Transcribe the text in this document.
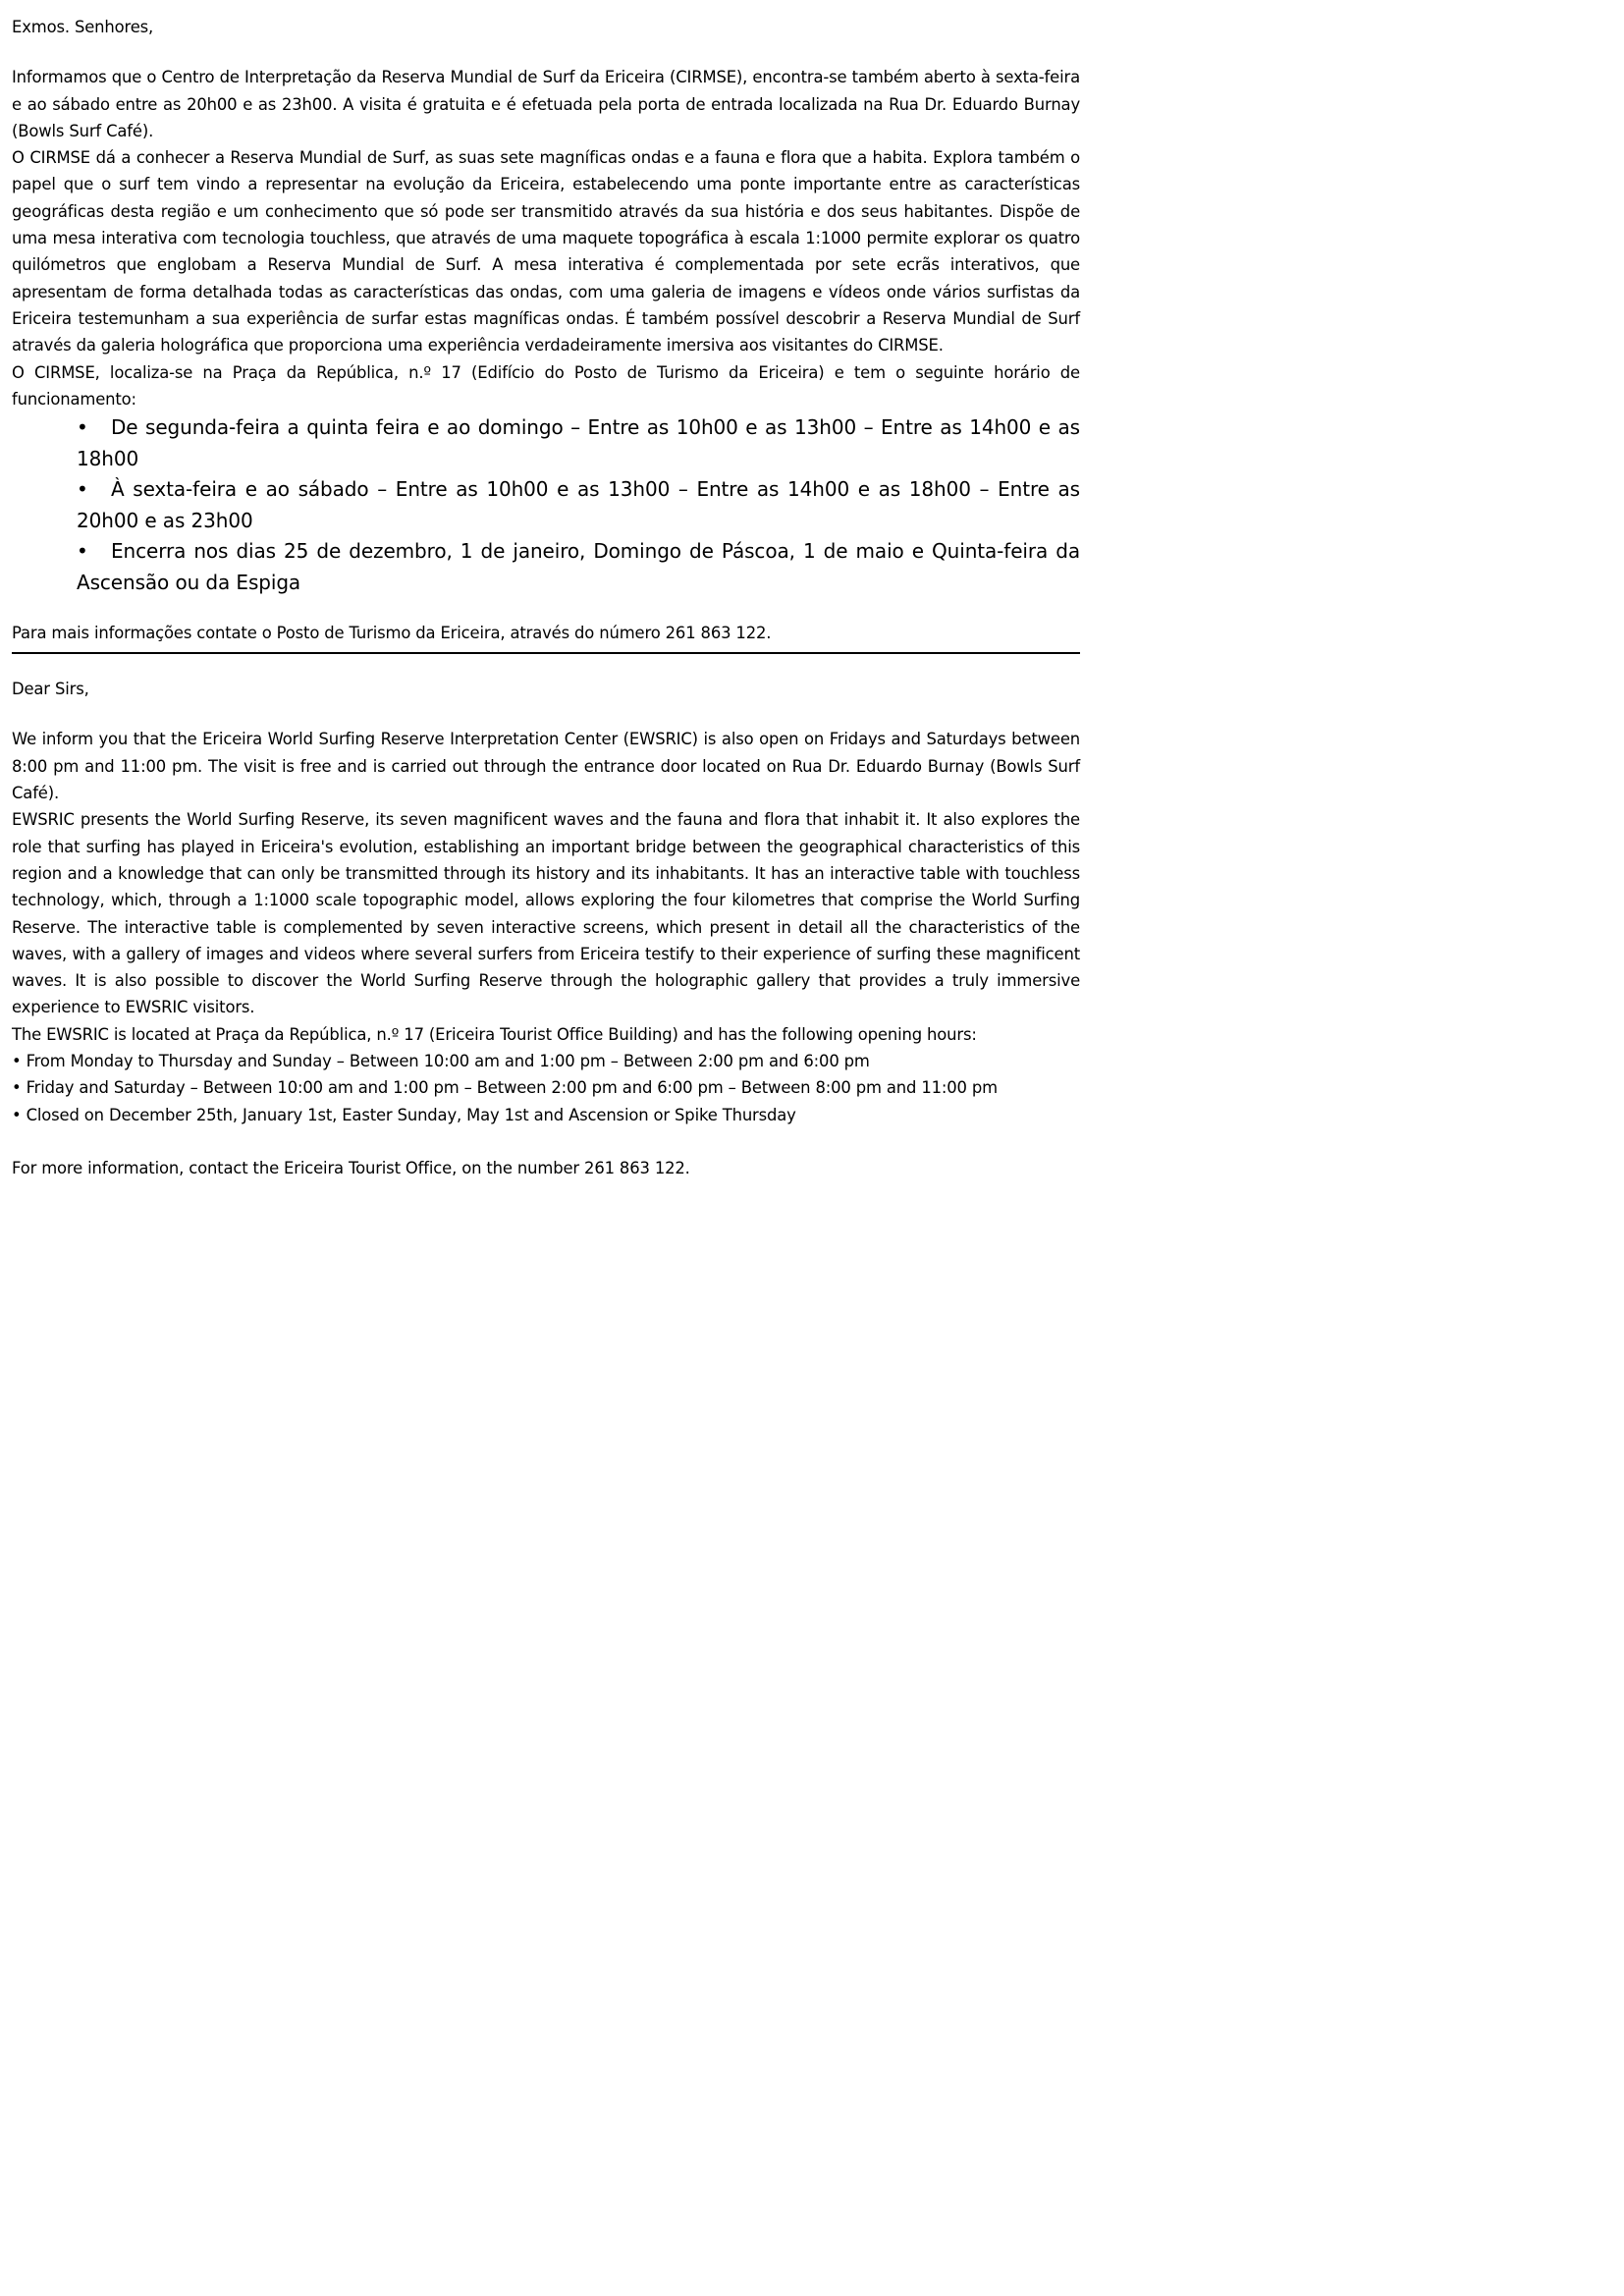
Exmos. Senhores,

Informamos que o Centro de Interpretação da Reserva Mundial de Surf da Ericeira (CIRMSE), encontra-se também aberto à sexta-feira e ao sábado entre as 20h00 e as 23h00. A visita é gratuita e é efetuada pela porta de entrada localizada na Rua Dr. Eduardo Burnay (Bowls Surf Café).

O CIRMSE dá a conhecer a Reserva Mundial de Surf, as suas sete magníficas ondas e a fauna e flora que a habita. Explora também o papel que o surf tem vindo a representar na evolução da Ericeira, estabelecendo uma ponte importante entre as características geográficas desta região e um conhecimento que só pode ser transmitido através da sua história e dos seus habitantes. Dispõe de uma mesa interativa com tecnologia touchless, que através de uma maquete topográfica à escala 1:1000 permite explorar os quatro quilómetros que englobam a Reserva Mundial de Surf. A mesa interativa é complementada por sete ecrãs interativos, que apresentam de forma detalhada todas as características das ondas, com uma galeria de imagens e vídeos onde vários surfistas da Ericeira testemunham a sua experiência de surfar estas magníficas ondas. É também possível descobrir a Reserva Mundial de Surf através da galeria holográfica que proporciona uma experiência verdadeiramente imersiva aos visitantes do CIRMSE.

O CIRMSE, localiza-se na Praça da República, n.º 17 (Edifício do Posto de Turismo da Ericeira) e tem o seguinte horário de funcionamento:

• De segunda-feira a quinta feira e ao domingo – Entre as 10h00 e as 13h00 – Entre as 14h00 e as 18h00
• À sexta-feira e ao sábado – Entre as 10h00 e as 13h00 – Entre as 14h00 e as 18h00 – Entre as 20h00 e as 23h00
• Encerra nos dias 25 de dezembro, 1 de janeiro, Domingo de Páscoa, 1 de maio e Quinta-feira da Ascensão ou da Espiga

Para mais informações contate o Posto de Turismo da Ericeira, através do número 261 863 122.

Dear Sirs,

We inform you that the Ericeira World Surfing Reserve Interpretation Center (EWSRIC) is also open on Fridays and Saturdays between 8:00 pm and 11:00 pm. The visit is free and is carried out through the entrance door located on Rua Dr. Eduardo Burnay (Bowls Surf Café).

EWSRIC presents the World Surfing Reserve, its seven magnificent waves and the fauna and flora that inhabit it. It also explores the role that surfing has played in Ericeira's evolution, establishing an important bridge between the geographical characteristics of this region and a knowledge that can only be transmitted through its history and its inhabitants. It has an interactive table with touchless technology, which, through a 1:1000 scale topographic model, allows exploring the four kilometres that comprise the World Surfing Reserve. The interactive table is complemented by seven interactive screens, which present in detail all the characteristics of the waves, with a gallery of images and videos where several surfers from Ericeira testify to their experience of surfing these magnificent waves. It is also possible to discover the World Surfing Reserve through the holographic gallery that provides a truly immersive experience to EWSRIC visitors.

The EWSRIC is located at Praça da República, n.º 17 (Ericeira Tourist Office Building) and has the following opening hours:

• From Monday to Thursday and Sunday – Between 10:00 am and 1:00 pm – Between 2:00 pm and 6:00 pm
• Friday and Saturday – Between 10:00 am and 1:00 pm – Between 2:00 pm and 6:00 pm – Between 8:00 pm and 11:00 pm
• Closed on December 25th, January 1st, Easter Sunday, May 1st and Ascension or Spike Thursday

For more information, contact the Ericeira Tourist Office, on the number 261 863 122.
